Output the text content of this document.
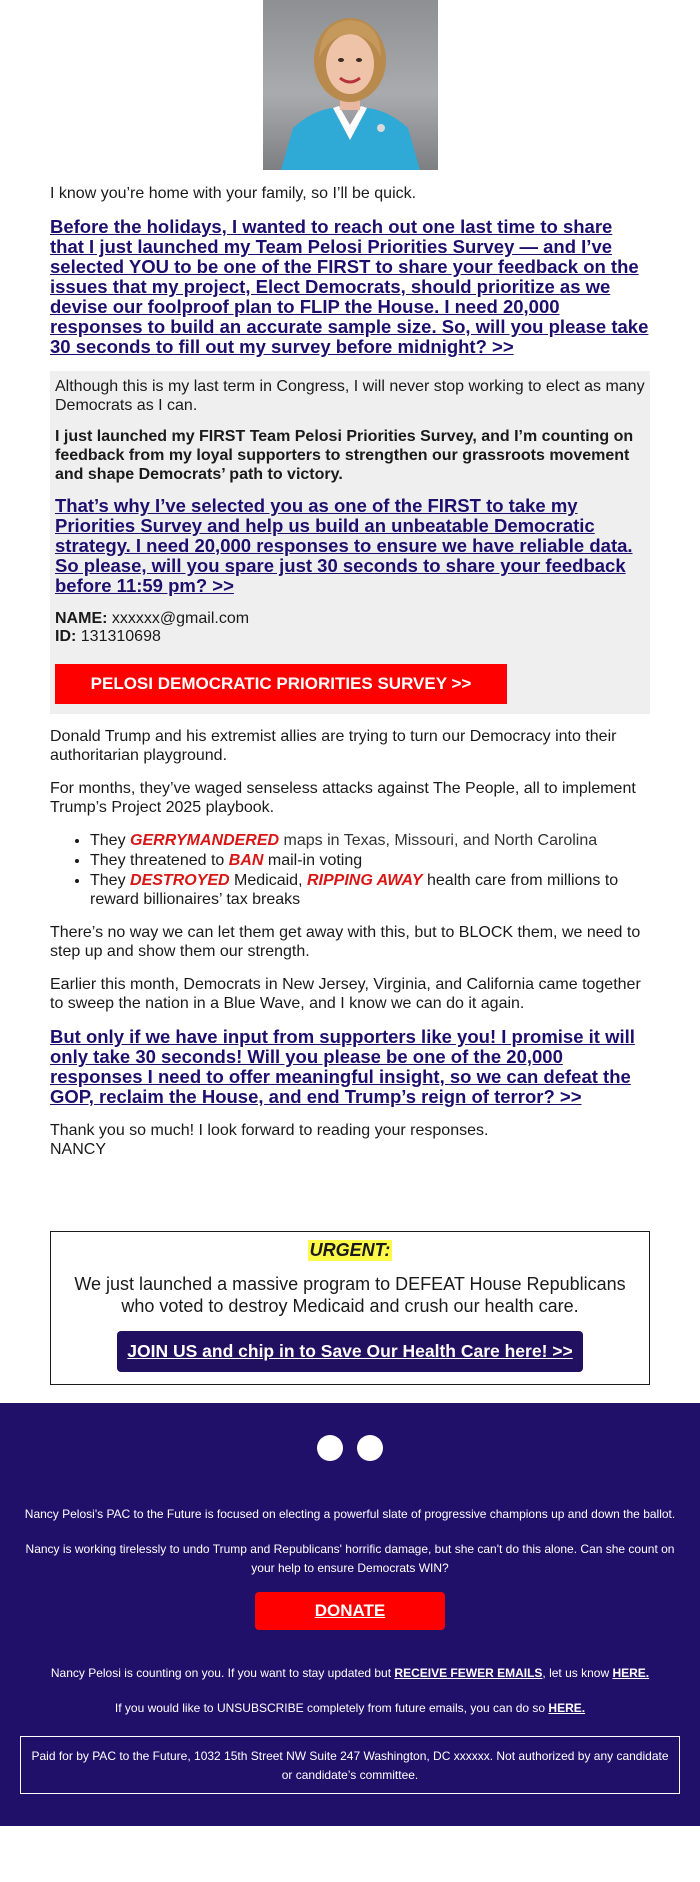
I know you’re home with your family, so I’ll be quick.

Before the holidays, I wanted to reach out one last time to share that I just launched my Team Pelosi Priorities Survey — and I’ve selected YOU to be one of the FIRST to share your feedback on the issues that my project, Elect Democrats, should prioritize as we devise our foolproof plan to FLIP the House. I need 20,000 responses to build an accurate sample size. So, will you please take 30 seconds to fill out my survey before midnight? >>

Although this is my last term in Congress, I will never stop working to elect as many Democrats as I can.

I just launched my FIRST Team Pelosi Priorities Survey, and I’m counting on feedback from my loyal supporters to strengthen our grassroots movement and shape Democrats’ path to victory.

That’s why I’ve selected you as one of the FIRST to take my Priorities Survey and help us build an unbeatable Democratic strategy. I need 20,000 responses to ensure we have reliable data. So please, will you spare just 30 seconds to share your feedback before 11:59 pm? >>
NAME: xxxxxx@gmail.com
ID: 131310698
PELOSI DEMOCRATIC PRIORITIES SURVEY >>

Donald Trump and his extremist allies are trying to turn our Democracy into their authoritarian playground.

For months, they’ve waged senseless attacks against The People, all to implement Trump’s Project 2025 playbook.

• They GERRYMANDERED maps in Texas, Missouri, and North Carolina
• They threatened to BAN mail-in voting
• They DESTROYED Medicaid, RIPPING AWAY health care from millions to reward billionaires’ tax breaks

There’s no way we can let them get away with this, but to BLOCK them, we need to step up and show them our strength.

Earlier this month, Democrats in New Jersey, Virginia, and California came together to sweep the nation in a Blue Wave, and I know we can do it again.

But only if we have input from supporters like you! I promise it will only take 30 seconds! Will you please be one of the 20,000 responses I need to offer meaningful insight, so we can defeat the GOP, reclaim the House, and end Trump’s reign of terror? >>
Thank you so much! I look forward to reading your responses.
NANCY
URGENT:
We just launched a massive program to DEFEAT House Republicans who voted to destroy Medicaid and crush our health care.
JOIN US and chip in to Save Our Health Care here! >>
f	t

Nancy Pelosi's PAC to the Future is focused on electing a powerful slate of progressive champions up and down the ballot.

Nancy is working tirelessly to undo Trump and Republicans' horrific damage, but she can't do this alone. Can she count on your help to ensure Democrats WIN?

DONATE

Nancy Pelosi is counting on you. If you want to stay updated but RECEIVE FEWER EMAILS, let us know HERE.

If you would like to UNSUBSCRIBE completely from future emails, you can do so HERE.

Paid for by PAC to the Future, 1032 15th Street NW Suite 247 Washington, DC xxxxxx. Not authorized by any candidate or candidate’s committee.
